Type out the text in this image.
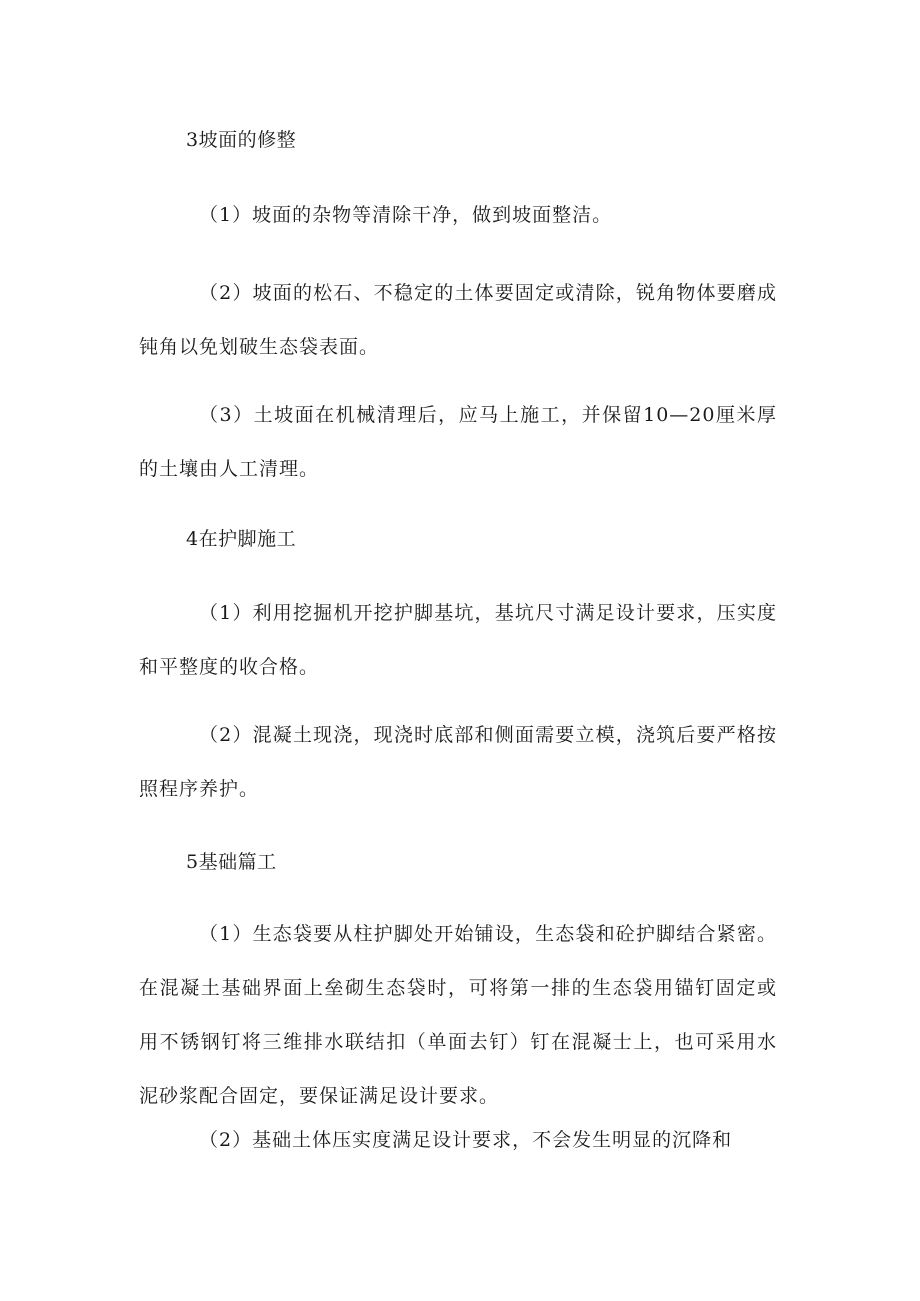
3坡面的修整
（1）坡面的杂物等清除干净，做到坡面整洁。
（2）坡面的松石、不稳定的土体要固定或清除，锐角物体要磨成钝角以免划破生态袋表面。
（3）土坡面在机械清理后，应马上施工，并保留10—20厘米厚的土壤由人工清理。
4在护脚施工
（1）利用挖掘机开挖护脚基坑，基坑尺寸满足设计要求，压实度和平整度的收合格。
（2）混凝土现浇，现浇时底部和侧面需要立模，浇筑后要严格按照程序养护。
5基础篇工
（1）生态袋要从柱护脚处开始铺设，生态袋和砼护脚结合紧密。在混凝土基础界面上垒砌生态袋时，可将第一排的生态袋用锚钉固定或用不锈钢钉将三维排水联结扣（单面去钉）钉在混凝士上，也可采用水泥砂浆配合固定，要保证满足设计要求。
（2）基础土体压实度满足设计要求，不会发生明显的沉降和
